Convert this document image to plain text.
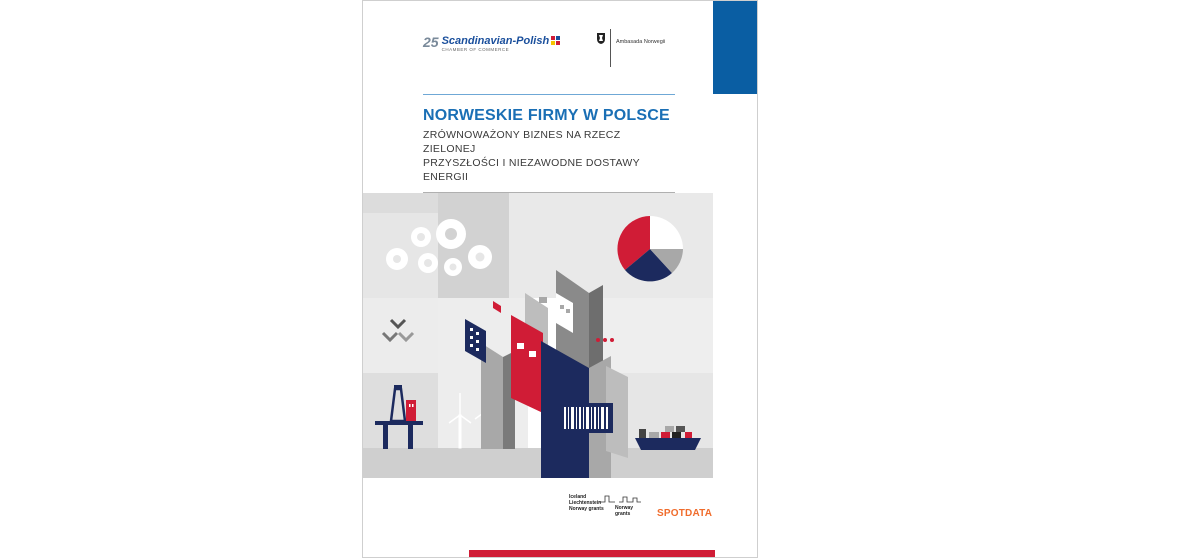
25 Scandinavian-Polish
CHAMBER OF COMMERCE
Ambasada Norwegii
NORWESKIE FIRMY W POLSCE
ZRÓWNOWAŻONY BIZNES NA RZECZ ZIELONEJ
PRZYSZŁOŚCI I NIEZAWODNE DOSTAWY ENERGII
Iceland
Liechtenstein
Norway grants Norway
grants	SPOTDATA
